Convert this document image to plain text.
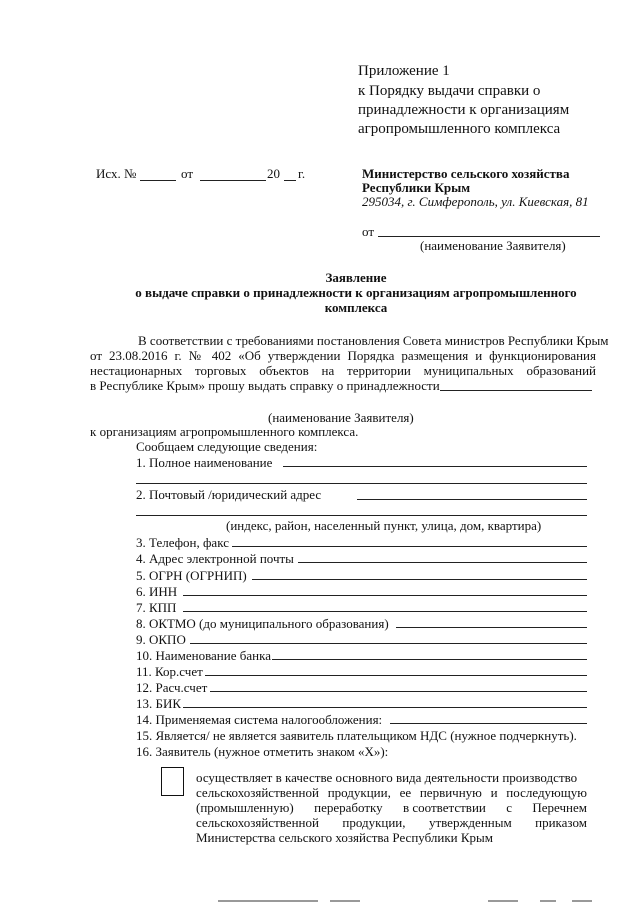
Приложение 1
к Порядку выдачи справки о
принадлежности к организациям
агропромышленного комплекса
Исх. №	от	20 г.	Министерство сельского хозяйства
Республики Крым
295034, г. Симферополь, ул. Киевская, 81
от
(наименование Заявителя)
Заявление
о выдаче справки о принадлежности к организациям агропромышленного
комплекса
В соответствии с требованиями постановления Совета министров Республики Крым
от 23.08.2016 г. № 402 «Об утверждении Порядка размещения и функционирования
нестационарных торговых объектов на территории муниципальных образований
в Республике Крым» прошу выдать справку о принадлежности
(наименование Заявителя)
к организациям агропромышленного комплекса.
Сообщаем следующие сведения:
1. Полное наименование
2. Почтовый /юридический адрес
(индекс, район, населенный пункт, улица, дом, квартира)
3. Телефон, факс
4. Адрес электронной почты
5. ОГРН (ОГРНИП)
6. ИНН
7. КПП
8. ОКТМО (до муниципального образования)
9. ОКПО
10. Наименование банка
11. Кор.счет
12. Расч.счет
13. БИК
14. Применяемая система налогообложения:
15. Является/ не является заявитель плательщиком НДС (нужное подчеркнуть).
16. Заявитель (нужное отметить знаком «Х»):
осуществляет в качестве основного вида деятельности производство
сельскохозяйственной продукции, ее первичную и последующую
(промышленную) переработку в соответствии с Перечнем
сельскохозяйственной продукции, утвержденным приказом
Министерства сельского хозяйства Республики Крым
